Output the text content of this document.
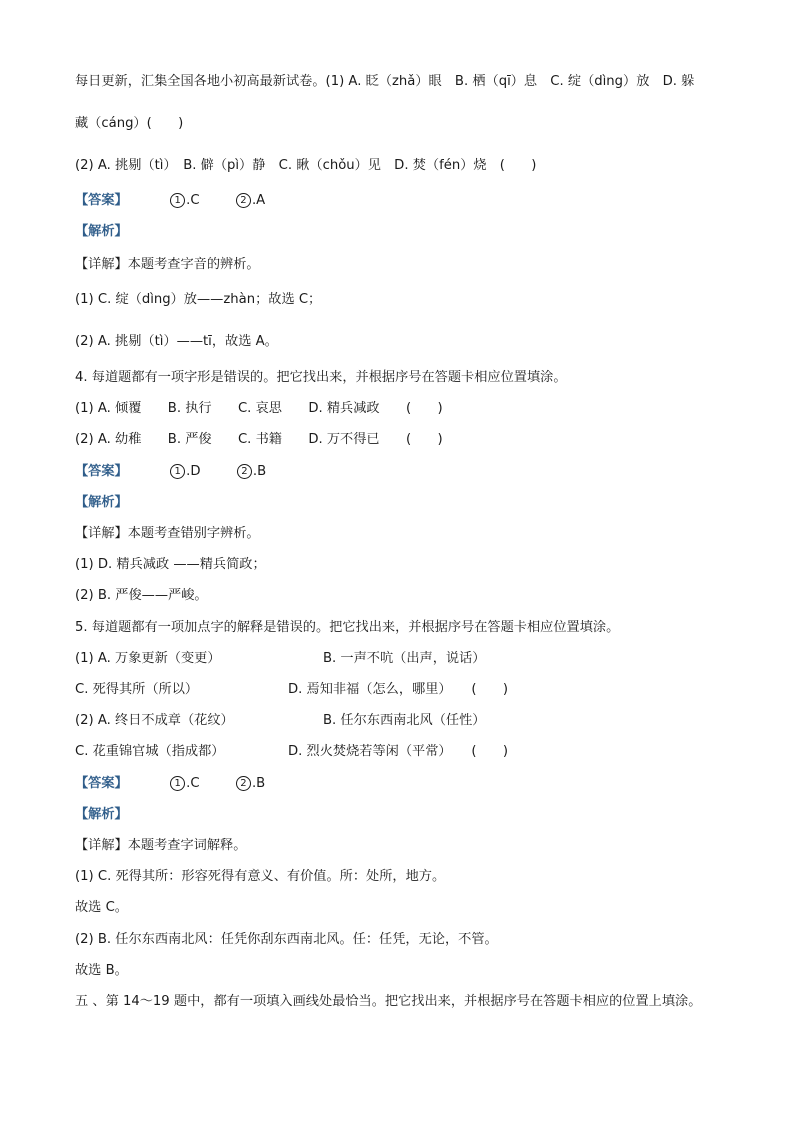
每日更新，汇集全国各地小初高最新试卷。(1) A. 眨（zhǎ）眼　B. 栖（qī）息　C. 绽（dìng）放　D. 躲
藏（cáng）(　　)
(2) A. 挑剔（tì）　B. 僻（pì）静　C. 瞅（chǒu）见　D. 焚（fén）烧　(　　)
【答案】	1 .C	2 .A
【解析】
【详解】本题考查字音的辨析。
(1) C. 绽（dìng）放——zhàn；故选 C；
(2) A. 挑剔（tì）——tī，故选 A。
4. 每道题都有一项字形是错误的。把它找出来，并根据序号在答题卡相应位置填涂。
(1) A. 倾覆　　B. 执行　　C. 哀思　　D. 精兵减政　　(　　)
(2) A. 幼稚　　B. 严俊　　C. 书籍　　D. 万不得已　　(　　)
【答案】	1 .D	2 .B
【解析】
【详解】本题考查错别字辨析。
(1) D. 精兵减政 ——精兵简政；
(2) B. 严俊——严峻。
5. 每道题都有一项加点字的解释是错误的。把它找出来，并根据序号在答题卡相应位置填涂。
(1) A. 万象更新（变更）	B. 一声不吭（出声，说话）
C. 死得其所（所以）	D. 焉知非福（怎么，哪里）　　(　　)
(2) A. 终日不成章（花纹）	B. 任尔东西南北风（任性）
C. 花重锦官城（指成都）	D. 烈火焚烧若等闲（平常）　　(　　)
【答案】	1 .C	2 .B
【解析】
【详解】本题考查字词解释。
(1) C. 死得其所：形容死得有意义、有价值。所：处所，地方。
故选 C。
(2) B. 任尔东西南北风：任凭你刮东西南北风。任：任凭，无论，不管。
故选 B。
五 、第 14～19 题中，都有一项填入画线处最恰当。把它找出来，并根据序号在答题卡相应的位置上填涂。
